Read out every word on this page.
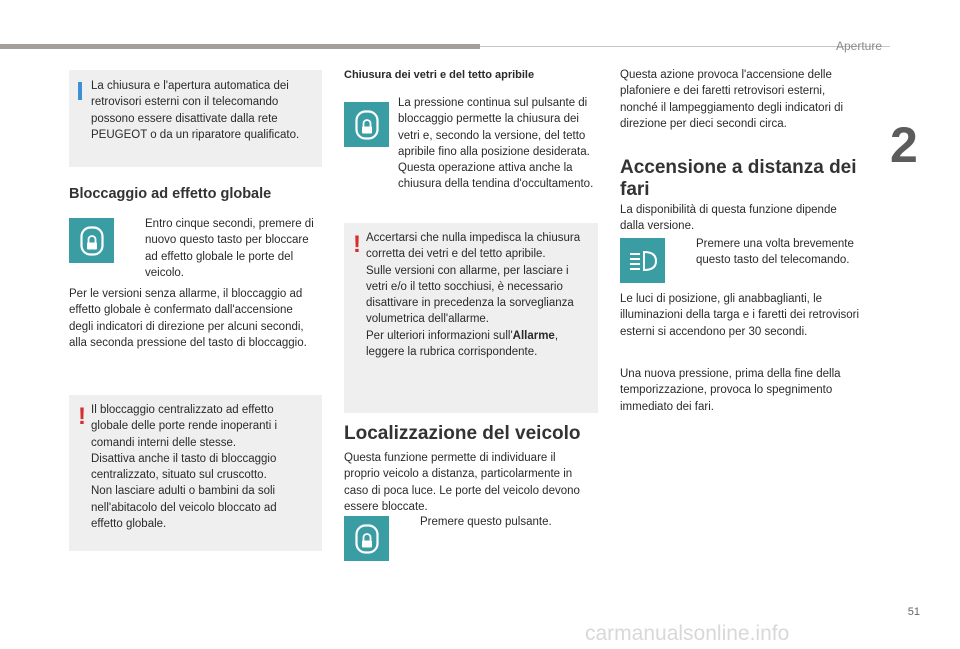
Aperture
2
La chiusura e l'apertura automatica dei
retrovisori esterni con il telecomando
possono essere disattivate dalla rete
PEUGEOT o da un riparatore qualificato.
Bloccaggio ad effetto globale
Entro cinque secondi, premere di
nuovo questo tasto per bloccare
ad effetto globale le porte del
veicolo.
Per le versioni senza allarme, il bloccaggio ad
effetto globale è confermato dall'accensione
degli indicatori di direzione per alcuni secondi,
alla seconda pressione del tasto di bloccaggio.
! Il bloccaggio centralizzato ad effetto
globale delle porte rende inoperanti i
comandi interni delle stesse.
Disattiva anche il tasto di bloccaggio
centralizzato, situato sul cruscotto.
Non lasciare adulti o bambini da soli
nell'abitacolo del veicolo bloccato ad
effetto globale.
Chiusura dei vetri e del tetto apribile
La pressione continua sul pulsante di
bloccaggio permette la chiusura dei
vetri e, secondo la versione, del tetto
apribile fino alla posizione desiderata.
Questa operazione attiva anche la
chiusura della tendina d'occultamento.
! Accertarsi che nulla impedisca la chiusura
corretta dei vetri e del tetto apribile.
Sulle versioni con allarme, per lasciare i
vetri e/o il tetto socchiusi, è necessario
disattivare in precedenza la sorveglianza
volumetrica dell'allarme.
Per ulteriori informazioni sull'Allarme,
leggere la rubrica corrispondente.
Localizzazione del veicolo
Questa funzione permette di individuare il
proprio veicolo a distanza, particolarmente in
caso di poca luce. Le porte del veicolo devono
essere bloccate.
Premere questo pulsante.
Questa azione provoca l'accensione delle
plafoniere e dei faretti retrovisori esterni,
nonché il lampeggiamento degli indicatori di
direzione per dieci secondi circa.
Accensione a distanza dei
fari
La disponibilità di questa funzione dipende
dalla versione.
Premere una volta brevemente
questo tasto del telecomando.
Le luci di posizione, gli anabbaglianti, le
illuminazioni della targa e i faretti dei retrovisori
esterni si accendono per 30 secondi.
Una nuova pressione, prima della fine della
temporizzazione, provoca lo spegnimento
immediato dei fari.
51
carmanualsonline.info
